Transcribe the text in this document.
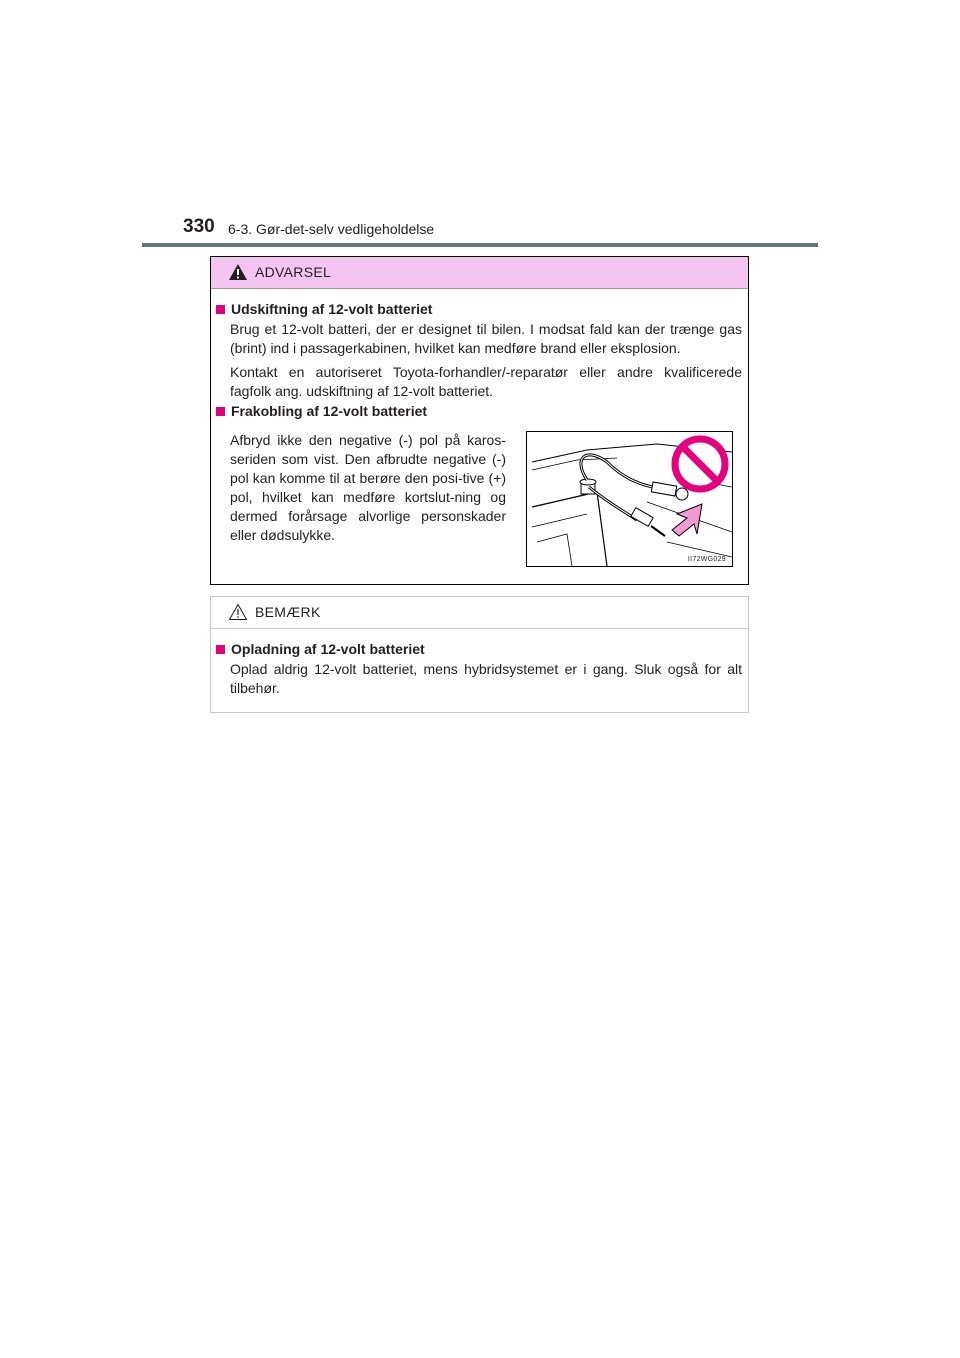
330 6-3. Gør-det-selv vedligeholdelse
ADVARSEL
Udskiftning af 12-volt batteriet
Brug et 12-volt batteri, der er designet til bilen. I modsat fald kan der trænge gas (brint) ind i passagerkabinen, hvilket kan medføre brand eller eksplosion.
Kontakt en autoriseret Toyota-forhandler/-reparatør eller andre kvalificerede fagfolk ang. udskiftning af 12-volt batteriet.
Frakobling af 12-volt batteriet
Afbryd ikke den negative (-) pol på karos-seriden som vist. Den afbrudte negative (-) pol kan komme til at berøre den posi-tive (+) pol, hvilket kan medføre kortslut-ning og dermed forårsage alvorlige personskader eller dødsulykke.
II72WG029
BEMÆRK
Opladning af 12-volt batteriet
Oplad aldrig 12-volt batteriet, mens hybridsystemet er i gang. Sluk også for alt tilbehør.
